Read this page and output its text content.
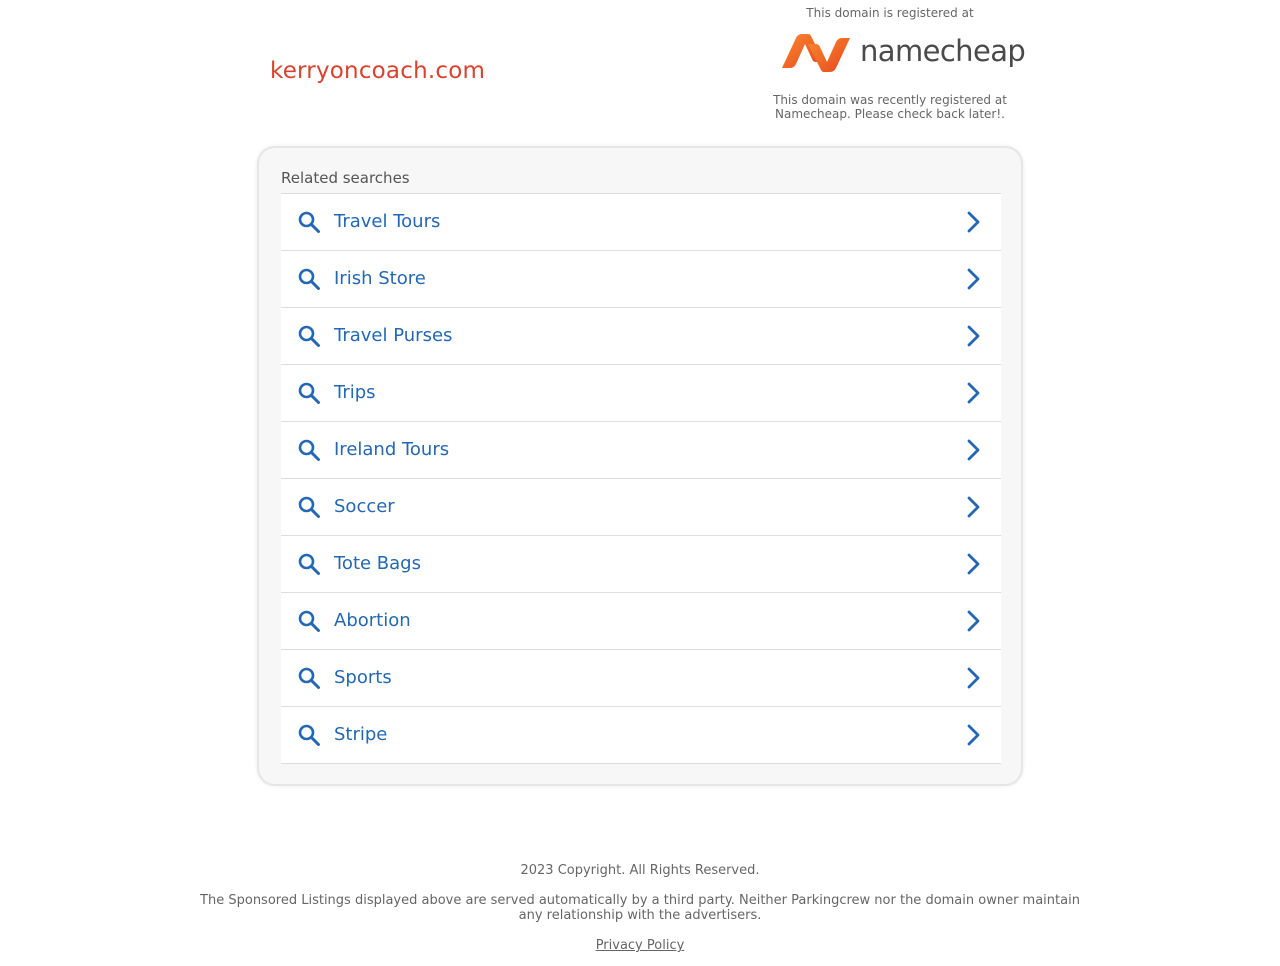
kerryoncoach.com
This domain is registered at
namecheap
This domain was recently registered at
Namecheap. Please check back later!.
Related searches
Travel Tours
Irish Store
Travel Purses
Trips
Ireland Tours
Soccer
Tote Bags
Abortion
Sports
Stripe
2023 Copyright. All Rights Reserved.
The Sponsored Listings displayed above are served automatically by a third party. Neither Parkingcrew nor the domain owner maintain any relationship with the advertisers.
Privacy Policy
